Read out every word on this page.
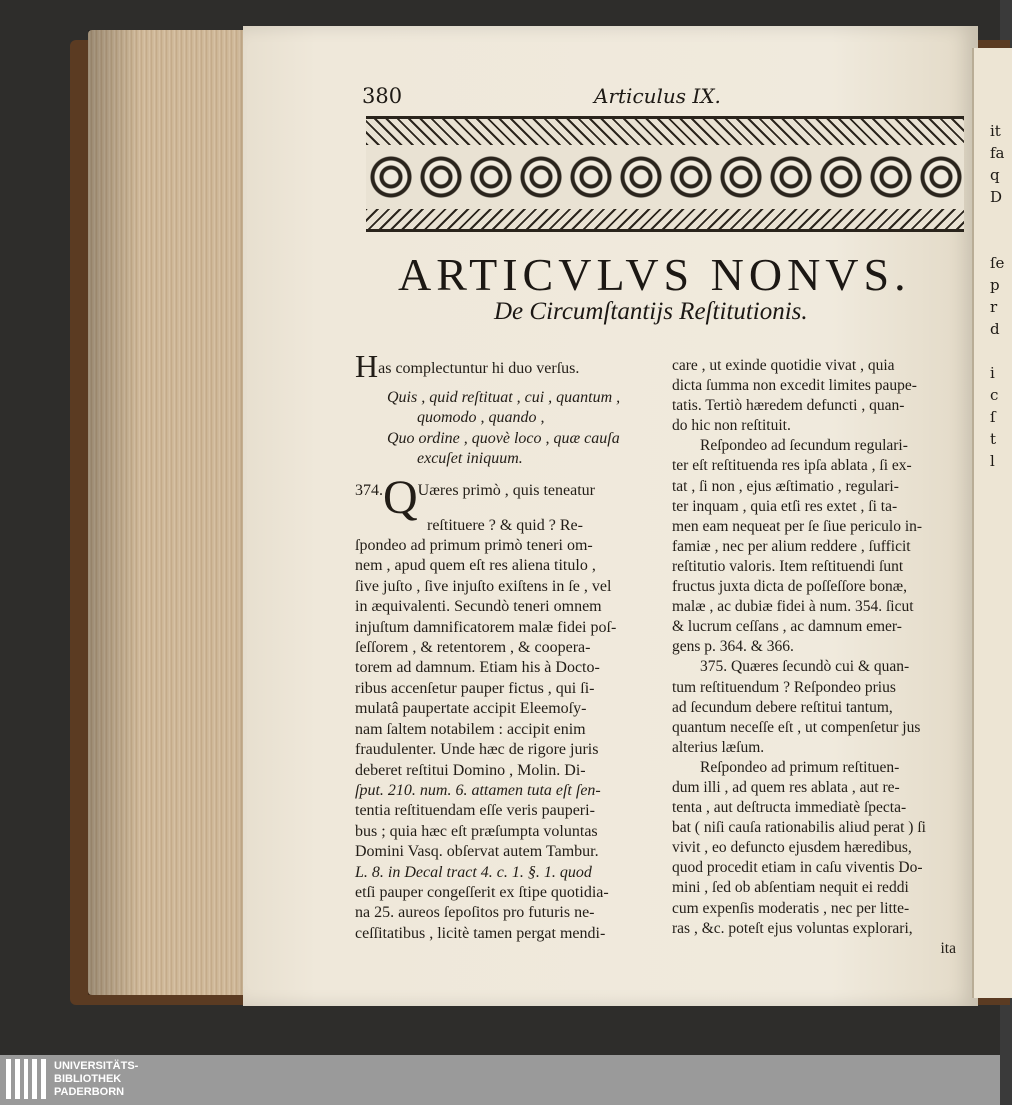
it
fa
q
D

ſe
p
r
d

i
c
ſ
t
l
380	Articulus IX.
ARTICVLVS NONVS.
De Circumſtantijs Reſtitutionis.
Has complectuntur hi duo verſus.
Quis , quid reſtituat , cui , quantum ,
quomodo , quando ,
Quo ordine , quovè loco , quæ cauſa
excuſet iniquum.
374.QUæres primò , quis teneatur
reſtituere ? & quid ? Re-
ſpondeo ad primum primò teneri om-
nem , apud quem eſt res aliena titulo ,
ſive juſto , ſive injuſto exiſtens in ſe , vel
in æquivalenti. Secundò teneri omnem
injuſtum damnificatorem malæ fidei poſ-
ſeſſorem , & retentorem , & coopera-
torem ad damnum. Etiam his à Docto-
ribus accenſetur pauper fictus , qui ſi-
mulatâ paupertate accipit Eleemoſy-
nam ſaltem notabilem : accipit enim
fraudulenter. Unde hæc de rigore juris
deberet reſtitui Domino , Molin. Di-
ſput. 210. num. 6. attamen tuta eſt ſen-
tentia reſtituendam eſſe veris pauperi-
bus ; quia hæc eſt præſumpta voluntas
Domini Vasq. obſervat autem Tambur.
L. 8. in Decal tract 4. c. 1. §. 1. quod
etſi pauper congeſſerit ex ſtipe quotidia-
na 25. aureos ſepoſitos pro futuris ne-
ceſſitatibus , licitè tamen pergat mendi-
care , ut exinde quotidie vivat , quia
dicta ſumma non excedit limites paupe-
tatis. Tertiò hæredem defuncti , quan-
do hic non reſtituit.
Reſpondeo ad ſecundum regulari-
ter eſt reſtituenda res ipſa ablata , ſi ex-
tat , ſi non , ejus æſtimatio , regulari-
ter inquam , quia etſi res extet , ſi ta-
men eam nequeat per ſe ſiue periculo in-
famiæ , nec per alium reddere , ſufficit
reſtitutio valoris. Item reſtituendi ſunt
fructus juxta dicta de poſſeſſore bonæ,
malæ , ac dubiæ fidei à num. 354. ſicut
& lucrum ceſſans , ac damnum emer-
gens p. 364. & 366.
375. Quæres ſecundò cui & quan-
tum reſtituendum ? Reſpondeo prius
ad ſecundum debere reſtitui tantum,
quantum neceſſe eſt , ut compenſetur jus
alterius læſum.
Reſpondeo ad primum reſtituen-
dum illi , ad quem res ablata , aut re-
tenta , aut deſtructa immediatè ſpecta-
bat ( niſi cauſa rationabilis aliud perat ) ſi
vivit , eo defuncto ejusdem hæredibus,
quod procedit etiam in caſu viventis Do-
mini , ſed ob abſentiam nequit ei reddi
cum expenſis moderatis , nec per litte-
ras , &c. poteſt ejus voluntas explorari,
ita
UNIVERSITÄTS-
BIBLIOTHEK
PADERBORN
